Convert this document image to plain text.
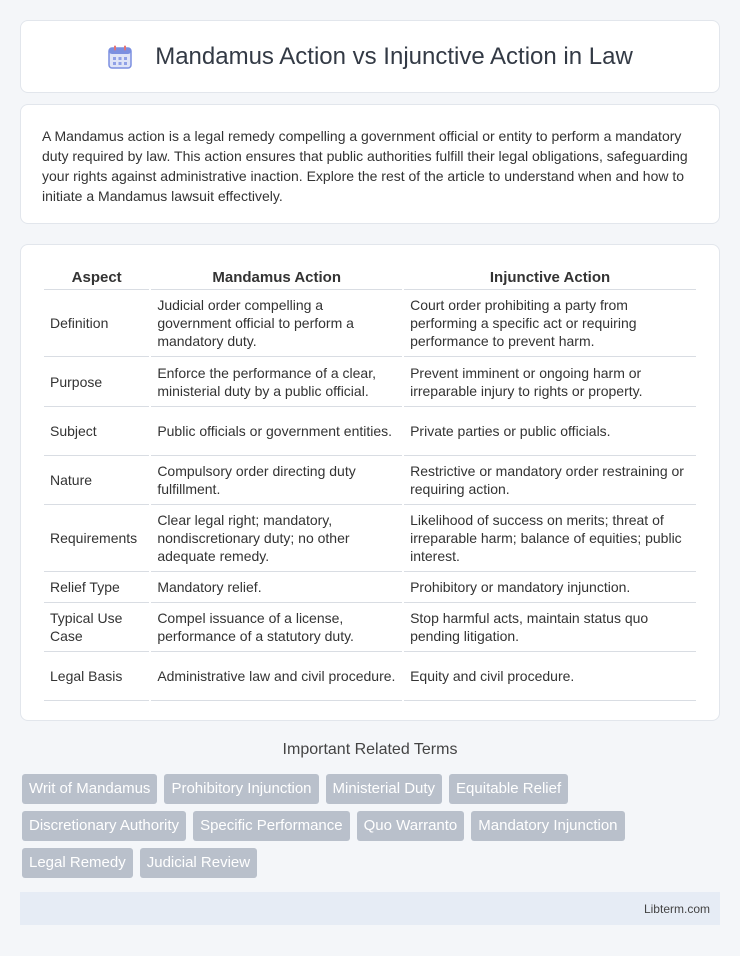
Mandamus Action vs Injunctive Action in Law

A Mandamus action is a legal remedy compelling a government official or entity to perform a mandatory duty required by law. This action ensures that public authorities fulfill their legal obligations, safeguarding your rights against administrative inaction. Explore the rest of the article to understand when and how to initiate a Mandamus lawsuit effectively.

Aspect	Mandamus Action	Injunctive Action
Definition	Judicial order compelling a government official to perform a mandatory duty.	Court order prohibiting a party from performing a specific act or requiring performance to prevent harm.
Purpose	Enforce the performance of a clear, ministerial duty by a public official.	Prevent imminent or ongoing harm or irreparable injury to rights or property.
Subject	Public officials or government entities.	Private parties or public officials.
Nature	Compulsory order directing duty fulfillment.	Restrictive or mandatory order restraining or requiring action.
Requirements	Clear legal right; mandatory, nondiscretionary duty; no other adequate remedy.	Likelihood of success on merits; threat of irreparable harm; balance of equities; public interest.
Relief Type	Mandatory relief.	Prohibitory or mandatory injunction.
Typical Use Case	Compel issuance of a license, performance of a statutory duty.	Stop harmful acts, maintain status quo pending litigation.
Legal Basis	Administrative law and civil procedure.	Equity and civil procedure.
Important Related Terms
Writ of Mandamus	Prohibitory Injunction	Ministerial Duty	Equitable Relief
Discretionary Authority	Specific Performance	Quo Warranto	Mandatory Injunction
Legal Remedy	Judicial Review
Libterm.com
